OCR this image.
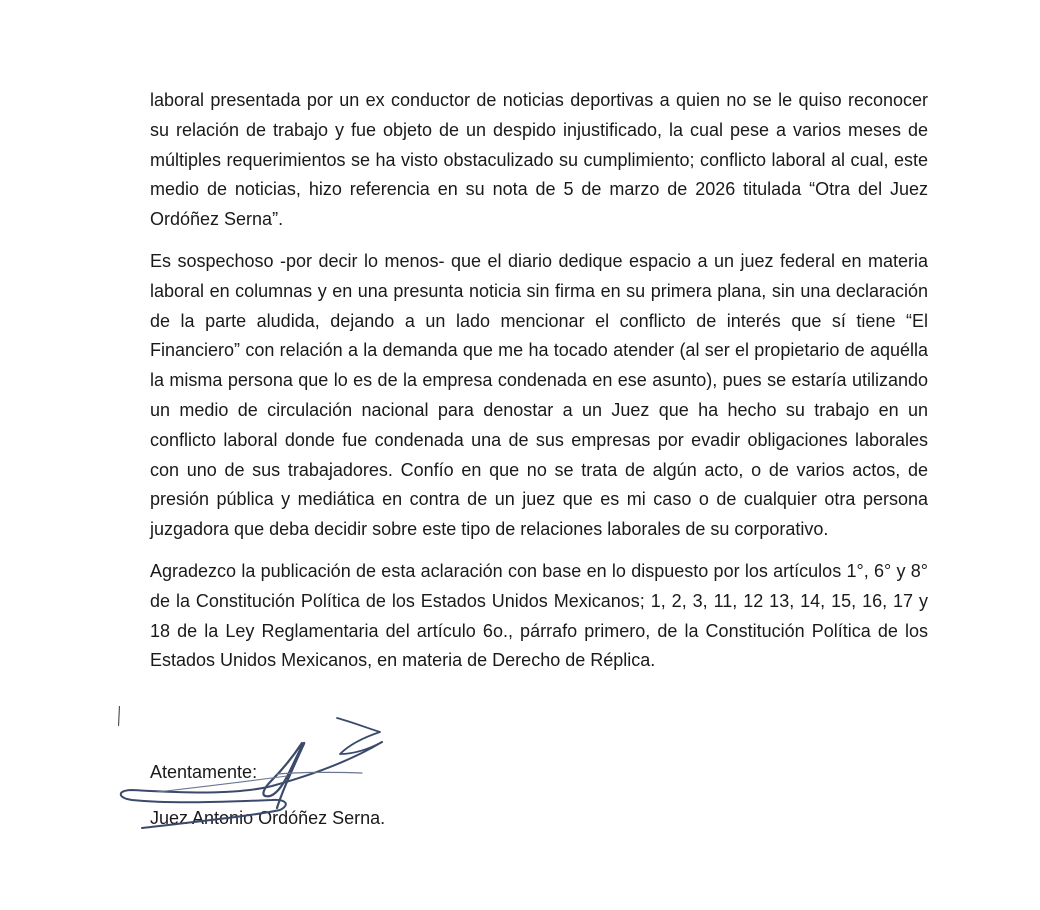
laboral presentada por un ex conductor de noticias deportivas a quien no se le quiso reconocer su relación de trabajo y fue objeto de un despido injustificado, la cual pese a varios meses de múltiples requerimientos se ha visto obstaculizado su cumplimiento; conflicto laboral al cual, este medio de noticias, hizo referencia en su nota de 5 de marzo de 2026 titulada “Otra del Juez Ordóñez Serna”.

Es sospechoso -por decir lo menos- que el diario dedique espacio a un juez federal en materia laboral en columnas y en una presunta noticia sin firma en su primera plana, sin una declaración de la parte aludida, dejando a un lado mencionar el conflicto de interés que sí tiene “El Financiero” con relación a la demanda que me ha tocado atender (al ser el propietario de aquélla la misma persona que lo es de la empresa condenada en ese asunto), pues se estaría utilizando un medio de circulación nacional para denostar a un Juez que ha hecho su trabajo en un conflicto laboral donde fue condenada una de sus empresas por evadir obligaciones laborales con uno de sus trabajadores. Confío en que no se trata de algún acto, o de varios actos, de presión pública y mediática en contra de un juez que es mi caso o de cualquier otra persona juzgadora que deba decidir sobre este tipo de relaciones laborales de su corporativo.

Agradezco la publicación de esta aclaración con base en lo dispuesto por los artículos 1°, 6° y 8° de la Constitución Política de los Estados Unidos Mexicanos; 1, 2, 3, 11, 12 13, 14, 15, 16, 17 y 18 de la Ley Reglamentaria del artículo 6o., párrafo primero, de la Constitución Política de los Estados Unidos Mexicanos, en materia de Derecho de Réplica.

Atentamente:

Juez Antonio Ordóñez Serna.
